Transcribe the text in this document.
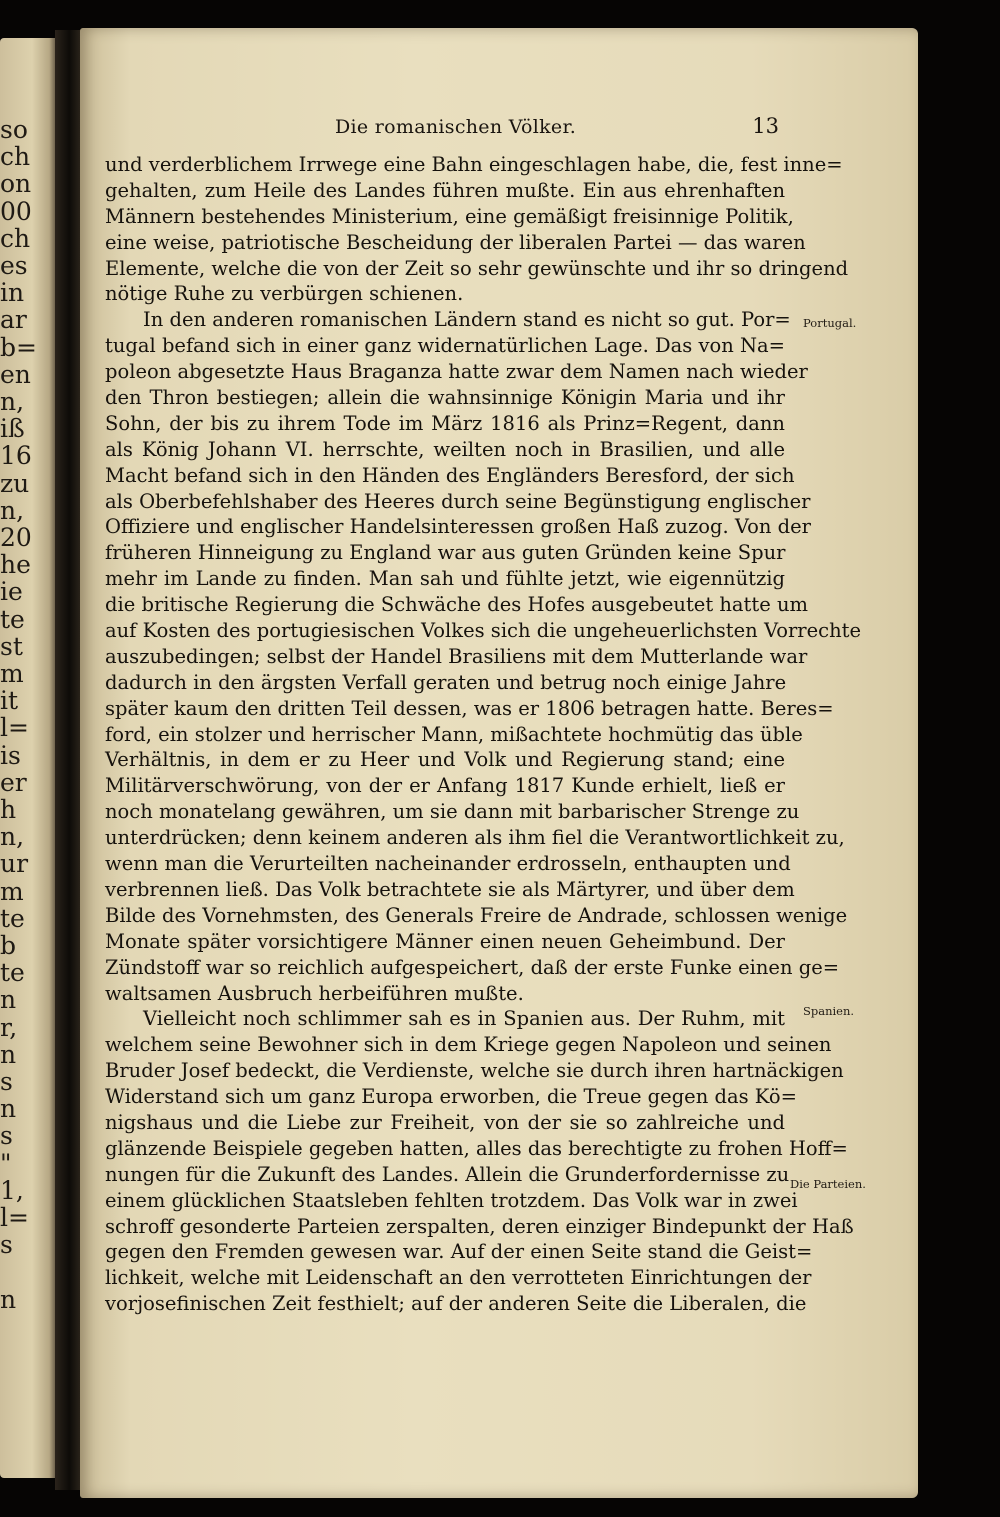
so
ch
on
00
ch
es
in
ar
b=
en
n,
iß
16
zu
n,
20
he
ie
te
st
m
it
l=
is
er
h
n,
ur
m
te
b
te
n
r,
n
s
n
s
"
1,
l=
s
n
Die romanischen Völker.	13
und verderblichem Irrwege eine Bahn eingeschlagen habe, die, fest inne=
gehalten, zum Heile des Landes führen mußte. Ein aus ehrenhaften
Männern bestehendes Ministerium, eine gemäßigt freisinnige Politik,
eine weise, patriotische Bescheidung der liberalen Partei — das waren
Elemente, welche die von der Zeit so sehr gewünschte und ihr so dringend
nötige Ruhe zu verbürgen schienen.
In den anderen romanischen Ländern stand es nicht so gut. Por=
tugal befand sich in einer ganz widernatürlichen Lage. Das von Na=
poleon abgesetzte Haus Braganza hatte zwar dem Namen nach wieder
den Thron bestiegen; allein die wahnsinnige Königin Maria und ihr
Sohn, der bis zu ihrem Tode im März 1816 als Prinz=Regent, dann
als König Johann VI. herrschte, weilten noch in Brasilien, und alle
Macht befand sich in den Händen des Engländers Beresford, der sich
als Oberbefehlshaber des Heeres durch seine Begünstigung englischer
Offiziere und englischer Handelsinteressen großen Haß zuzog. Von der
früheren Hinneigung zu England war aus guten Gründen keine Spur
mehr im Lande zu finden. Man sah und fühlte jetzt, wie eigennützig
die britische Regierung die Schwäche des Hofes ausgebeutet hatte um
auf Kosten des portugiesischen Volkes sich die ungeheuerlichsten Vorrechte
auszubedingen; selbst der Handel Brasiliens mit dem Mutterlande war
dadurch in den ärgsten Verfall geraten und betrug noch einige Jahre
später kaum den dritten Teil dessen, was er 1806 betragen hatte. Beres=
ford, ein stolzer und herrischer Mann, mißachtete hochmütig das üble
Verhältnis, in dem er zu Heer und Volk und Regierung stand; eine
Militärverschwörung, von der er Anfang 1817 Kunde erhielt, ließ er
noch monatelang gewähren, um sie dann mit barbarischer Strenge zu
unterdrücken; denn keinem anderen als ihm fiel die Verantwortlichkeit zu,
wenn man die Verurteilten nacheinander erdrosseln, enthaupten und
verbrennen ließ. Das Volk betrachtete sie als Märtyrer, und über dem
Bilde des Vornehmsten, des Generals Freire de Andrade, schlossen wenige
Monate später vorsichtigere Männer einen neuen Geheimbund. Der
Zündstoff war so reichlich aufgespeichert, daß der erste Funke einen ge=
waltsamen Ausbruch herbeiführen mußte.
Vielleicht noch schlimmer sah es in Spanien aus. Der Ruhm, mit
welchem seine Bewohner sich in dem Kriege gegen Napoleon und seinen
Bruder Josef bedeckt, die Verdienste, welche sie durch ihren hartnäckigen
Widerstand sich um ganz Europa erworben, die Treue gegen das Kö=
nigshaus und die Liebe zur Freiheit, von der sie so zahlreiche und
glänzende Beispiele gegeben hatten, alles das berechtigte zu frohen Hoff=
nungen für die Zukunft des Landes. Allein die Grunderfordernisse zu
einem glücklichen Staatsleben fehlten trotzdem. Das Volk war in zwei
schroff gesonderte Parteien zerspalten, deren einziger Bindepunkt der Haß
gegen den Fremden gewesen war. Auf der einen Seite stand die Geist=
lichkeit, welche mit Leidenschaft an den verrotteten Einrichtungen der
vorjosefinischen Zeit festhielt; auf der anderen Seite die Liberalen, die
Portugal.
Spanien.
Die Parteien.
